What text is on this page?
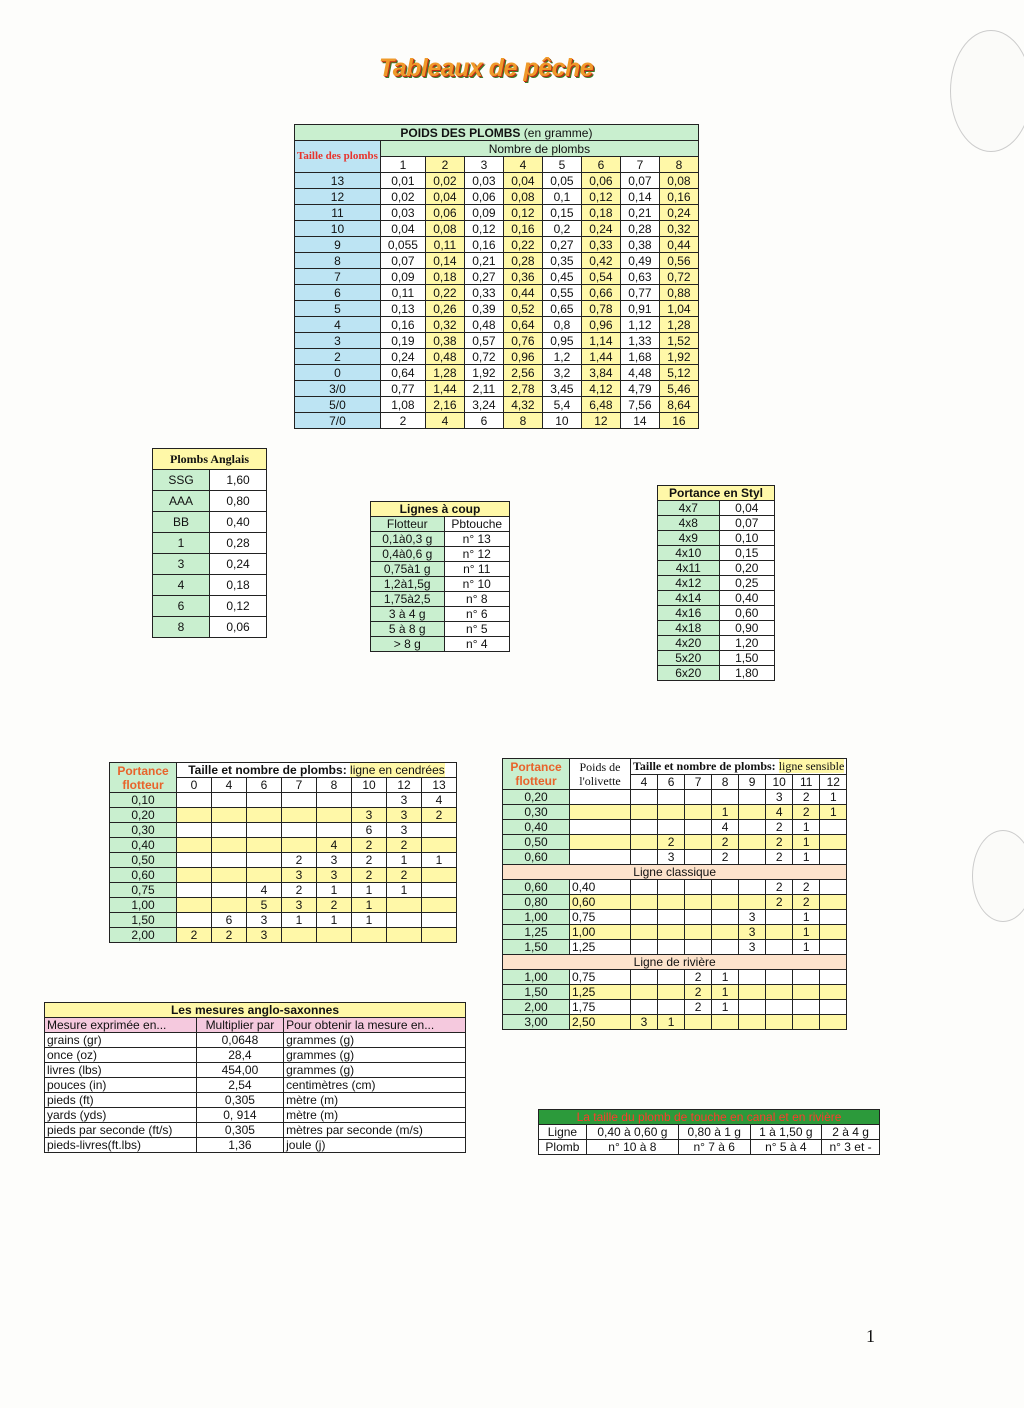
Tableaux de pêche
POIDS DES PLOMBS (en gramme)								
Taille des plombs	Nombre de plombs							
	1	2	3	4	5	6	7	8
13	0,01	0,02	0,03	0,04	0,05	0,06	0,07	0,08
12	0,02	0,04	0,06	0,08	0,1	0,12	0,14	0,16
11	0,03	0,06	0,09	0,12	0,15	0,18	0,21	0,24
10	0,04	0,08	0,12	0,16	0,2	0,24	0,28	0,32
9	0,055	0,11	0,16	0,22	0,27	0,33	0,38	0,44
8	0,07	0,14	0,21	0,28	0,35	0,42	0,49	0,56
7	0,09	0,18	0,27	0,36	0,45	0,54	0,63	0,72
6	0,11	0,22	0,33	0,44	0,55	0,66	0,77	0,88
5	0,13	0,26	0,39	0,52	0,65	0,78	0,91	1,04
4	0,16	0,32	0,48	0,64	0,8	0,96	1,12	1,28
3	0,19	0,38	0,57	0,76	0,95	1,14	1,33	1,52
2	0,24	0,48	0,72	0,96	1,2	1,44	1,68	1,92
0	0,64	1,28	1,92	2,56	3,2	3,84	4,48	5,12
3/0	0,77	1,44	2,11	2,78	3,45	4,12	4,79	5,46
5/0	1,08	2,16	3,24	4,32	5,4	6,48	7,56	8,64
7/0	2	4	6	8	10	12	14	16
Plombs Anglais	
SSG	1,60
AAA	0,80
BB	0,40
1	0,28
3	0,24
4	0,18
6	0,12
8	0,06
Lignes à coup	
Flotteur	Pbtouche
0,1à0,3 g	n° 13
0,4à0,6 g	n° 12
0,75à1 g	n° 11
1,2à1,5g	n° 10
1,75à2,5	n° 8
3 à 4 g	n° 6
5 à 8 g	n° 5
> 8 g	n° 4
Portance en Styl	
4x7	0,04
4x8	0,07
4x9	0,10
4x10	0,15
4x11	0,20
4x12	0,25
4x14	0,40
4x16	0,60
4x18	0,90
4x20	1,20
5x20	1,50
6x20	1,80
Portance flotteur	Taille et nombre de plombs: ligne en cendrées							
	0	4	6	7	8	10	12	13
0,10							3	4
0,20						3	3	2
0,30						6	3	
0,40					4	2	2	
0,50				2	3	2	1	1
0,60				3	3	2	2	
0,75			4	2	1	1	1	
1,00			5	3	2	1		
1,50		6	3	1	1	1		
2,00	2	2	3					
Portance flotteur	Poids de l'olivette	Taille et nombre de plombs: ligne sensible							
		4	6	7	8	9	10	11	12
0,20							3	2	1
0,30					1		4	2	1
0,40					4		2	1	
0,50			2		2		2	1	
0,60			3		2		2	1	
Ligne classique									
0,60	0,40						2	2	
0,80	0,60						2	2	
1,00	0,75					3		1	
1,25	1,00					3		1	
1,50	1,25					3		1	
Ligne de rivière									
1,00	0,75			2	1				
1,50	1,25			2	1				
2,00	1,75			2	1				
3,00	2,50	3	1						
Les mesures anglo-saxonnes		
Mesure exprimée en...	Multiplier par	Pour obtenir la mesure en...
grains (gr)	0,0648	grammes (g)
once (oz)	28,4	grammes (g)
livres (lbs)	454,00	grammes (g)
pouces (in)	2,54	centimètres (cm)
pieds (ft)	0,305	mètre (m)
yards (yds)	0, 914	mètre (m)
pieds par seconde (ft/s)	0,305	mètres par seconde (m/s)
pieds-livres(ft.lbs)	1,36	joule (j)
La taille du plomb de touche en canal et en rivière				
Ligne	0,40 à 0,60 g	0,80 à 1 g	1 à 1,50 g	2 à 4 g
Plomb	n° 10 à 8	n° 7 à 6	n° 5 à 4	n° 3 et -
1
